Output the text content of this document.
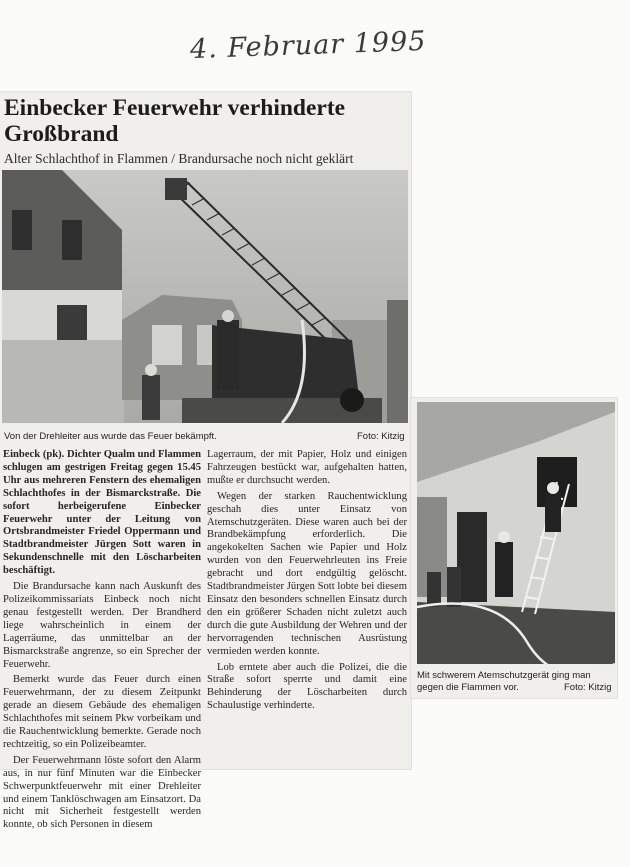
4. Februar 1995
Einbecker Feuerwehr verhinderte Großbrand
Alter Schlachthof in Flammen / Brandursache noch nicht geklärt
Von der Drehleiter aus wurde das Feuer bekämpft.	Foto: Kitzig
Mit schwerem Atemschutzgerät ging man gegen die Flammen vor.	Foto: Kitzig

Einbeck (pk). Dichter Qualm und Flammen schlugen am gestrigen Freitag gegen 15.45 Uhr aus mehreren Fenstern des ehemaligen Schlachthofes in der Bismarckstraße. Die sofort herbeigerufene Einbecker Feuerwehr unter der Leitung von Ortsbrandmeister Friedel Oppermann und Stadtbrandmeister Jürgen Sott waren in Sekundenschnelle mit den Löscharbeiten beschäftigt.

Die Brandursache kann nach Auskunft des Polizeikommissariats Einbeck noch nicht genau festgestellt werden. Der Brandherd liege wahrscheinlich in einem der Lagerräume, das unmittelbar an der Bismarckstraße angrenze, so ein Sprecher der Feuerwehr.

Bemerkt wurde das Feuer durch einen Feuerwehrmann, der zu diesem Zeitpunkt gerade an diesem Gebäude des ehemaligen Schlachthofes mit seinem Pkw vorbeikam und die Rauchentwicklung bemerkte. Gerade noch rechtzeitig, so ein Polizeibeamter.

Der Feuerwehrmann löste sofort den Alarm aus, in nur fünf Minuten war die Einbecker Schwerpunktfeuerwehr mit einer Drehleiter und einem Tanklöschwagen am Einsatzort. Da nicht mit Sicherheit festgestellt werden konnte, ob sich Personen in diesem

Lagerraum, der mit Papier, Holz und einigen Fahrzeugen bestückt war, aufgehalten hatten, mußte er durchsucht werden.

Wegen der starken Rauchentwicklung geschah dies unter Einsatz von Atemschutzgeräten. Diese waren auch bei der Brandbekämpfung erforderlich. Die angekokelten Sachen wie Papier und Holz wurden von den Feuerwehrleuten ins Freie gebracht und dort endgültig gelöscht. Stadtbrandmeister Jürgen Sott lobte bei diesem Einsatz den besonders schnellen Einsatz durch den ein größerer Schaden nicht zuletzt auch durch die gute Ausbildung der Wehren und der hervorragenden technischen Ausrüstung vermieden werden konnte.

Lob erntete aber auch die Polizei, die die Straße sofort sperrte und damit eine Behinderung der Löscharbeiten durch Schaulustige verhinderte.
